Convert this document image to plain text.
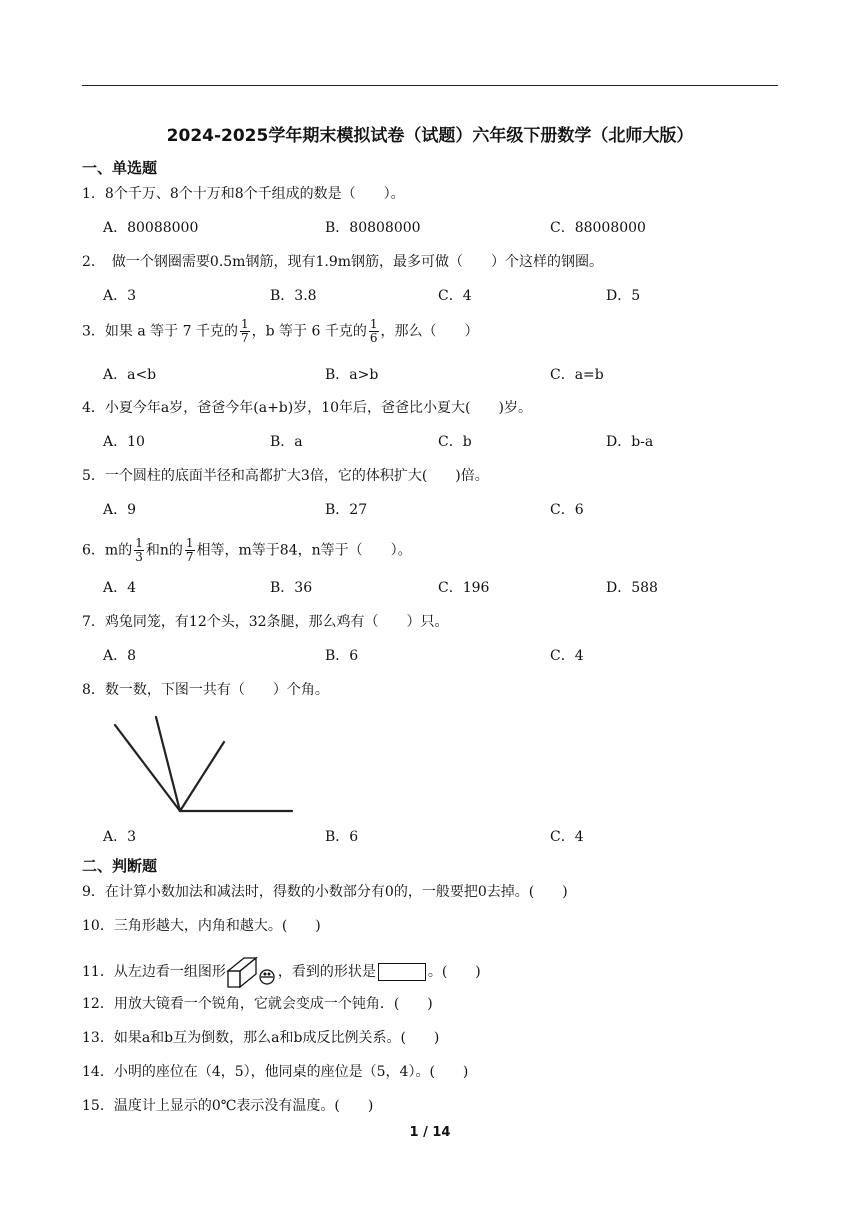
2024-2025学年期末模拟试卷（试题）六年级下册数学（北师大版）
一、单选题
1．8个千万、8个十万和8个千组成的数是（　　）。
A．80088000	B．80808000	C．88008000
2．　做一个钢圈需要0.5m钢筋，现有1.9m钢筋，最多可做（　　）个这样的钢圈。
A．3	B．3.8	C．4	D．5
3．如果 a 等于 7 千克的 $\frac{1}{7}$ ，b 等于 6 千克的 $\frac{1}{6}$ ，那么（　　）
A．a<b	B．a>b	C．a=b
4．小夏今年a岁，爸爸今年(a+b)岁，10年后，爸爸比小夏大(　　)岁。
A．10	B．a	C．b	D．b-a
5．一个圆柱的底面半径和高都扩大3倍，它的体积扩大(　　)倍。
A．9	B．27	C．6
6．m的 $\frac{1}{3}$ 和n的 $\frac{1}{7}$ 相等，m等于84，n等于（　　）。
A．4	B．36	C．196	D．588
7．鸡兔同笼，有12个头，32条腿，那么鸡有（　　）只。
A．8	B．6	C．4
8．数一数，下图一共有（　　）个角。
A．3	B．6	C．4
二、判断题
9．在计算小数加法和减法时，得数的小数部分有0的，一般要把0去掉。(　　)
10．三角形越大，内角和越大。(　　)
11．从左边看一组图形	，看到的形状是	。(　　)
12．用放大镜看一个锐角，它就会变成一个钝角．(　　)
13．如果a和b互为倒数，那么a和b成反比例关系。(　　)
14．小明的座位在（4，5），他同桌的座位是（5，4）。(　　)
15．温度计上显示的0℃表示没有温度。(　　)
1 / 14
